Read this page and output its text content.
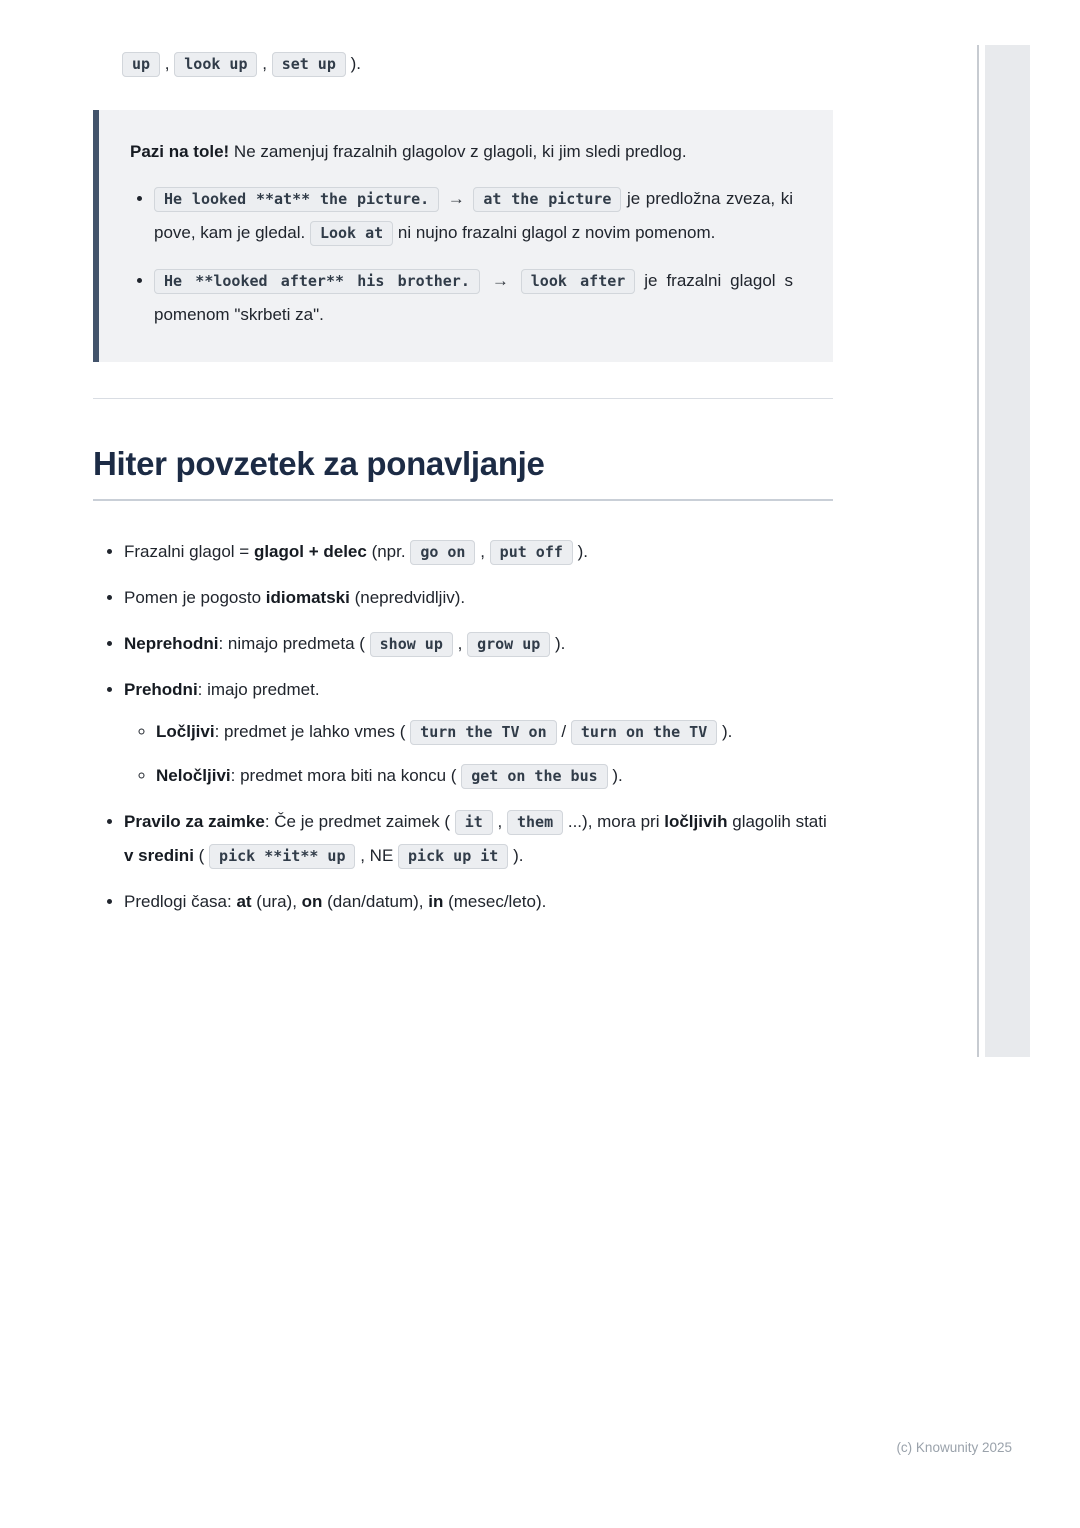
up , look up , set up ).

Pazi na tole! Ne zamenjuj frazalnih glagolov z glagoli, ki jim sledi predlog.

• He looked **at** the picture. → at the picture je predložna zveza, ki pove, kam je gledal. Look at ni nujno frazalni glagol z novim pomenom.
• He **looked after** his brother. → look after je frazalni glagol s pomenom "skrbeti za".
Hiter povzetek za ponavljanje
• Frazalni glagol = glagol + delec (npr. go on , put off ).
• Pomen je pogosto idiomatski (nepredvidljiv).
• Neprehodni: nimajo predmeta ( show up , grow up ).
• Prehodni: imajo predmet.
◦ Ločljivi: predmet je lahko vmes ( turn the TV on / turn on the TV ).
◦ Neločljivi: predmet mora biti na koncu ( get on the bus ).
• Pravilo za zaimke: Če je predmet zaimek ( it , them ...), mora pri ločljivih glagolih stati v sredini ( pick **it** up , NE pick up it ).
• Predlogi časa: at (ura), on (dan/datum), in (mesec/leto).
(c) Knowunity 2025
